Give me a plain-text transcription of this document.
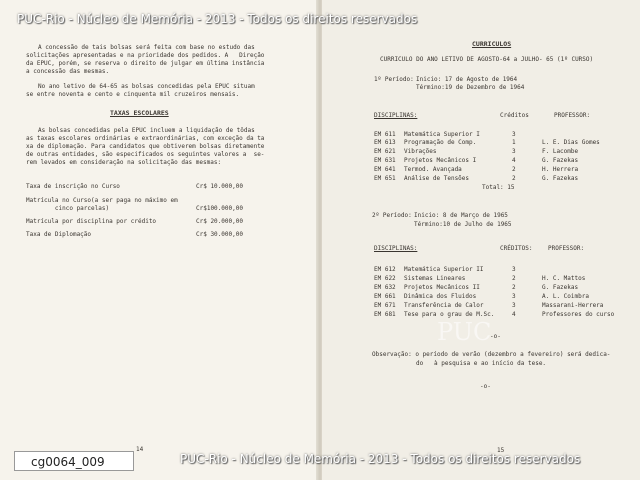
A concessão de tais bolsas será feita com base no estudo das
solicitações apresentadas e na prioridade dos pedidos. A   Direção
da EPUC, porém, se reserva o direito de julgar em última instância
a concessão das mesmas.
No ano letivo de 64-65 as bolsas concedidas pela EPUC situam
se entre noventa e cento e cinquenta mil cruzeiros mensais.
TAXAS ESCOLARES
As bolsas concedidas pela EPUC incluem a liquidação de tôdas
as taxas escolares ordinárias e extraordinárias, com exceção da ta
xa de diplomação. Para candidatos que obtiverem bolsas diretamente
de outras entidades, são especificados os seguintes valores a  se-
rem levados em consideração na solicitação das mesmas:
Taxa de inscrição no Curso	Cr$ 10.000,00
Matrícula no Curso(a ser paga no máximo em
cinco parcelas)	Cr$100.000,00
Matrícula por disciplina por crédito	Cr$ 20.000,00
Taxa de Diplomação	Cr$ 30.000,00
14
CURRICULOS
CURRICULO DO ANO LETIVO DE AGOSTO-64 a JULHO- 65 (1º CURSO)
1º Período: Inicio: 17 de Agosto de 1964
Término:19 de Dezembro de 1964
DISCIPLINAS:	Créditos	PROFESSOR:
EM 611 Matemática Superior I	3
EM 613 Programação de Comp.	1	L. E. Dias Gomes
EM 621 Vibrações	3	F. Lacombe
EM 631 Projetos Mecânicos I	4	G. Fazekas
EM 641 Termod. Avançada	2	H. Herrera
EM 651 Análise de Tensões	2	G. Fazekas
Total: 15
2º Período: Inicio: 8 de Março de 1965
Término:10 de Julho de 1965
DISCIPLINAS:	CRÉDITOS:	PROFESSOR:
EM 612 Matemática Superior II	3
EM 622 Sistemas Lineares	2	H. C. Mattos
EM 632 Projetos Mecânicos II	2	G. Fazekas
EM 661 Dinâmica dos Fluidos	3	A. L. Coimbra
EM 671 Transferência de Calor	3	Massarani-Herrera
EM 681 Tese para o grau de M.Sc.	4	Professores do curso
-o-
Observação: o período de verão (dezembro a fevereiro) será dedica-
do   à pesquisa e ao início da tese.
-o-
15
PUC
PUC-Rio - Núcleo de Memória - 2013 - Todos os direitos reservados
PUC-Rio - Núcleo de Memória - 2013 - Todos os direitos reservados
cg0064_009
